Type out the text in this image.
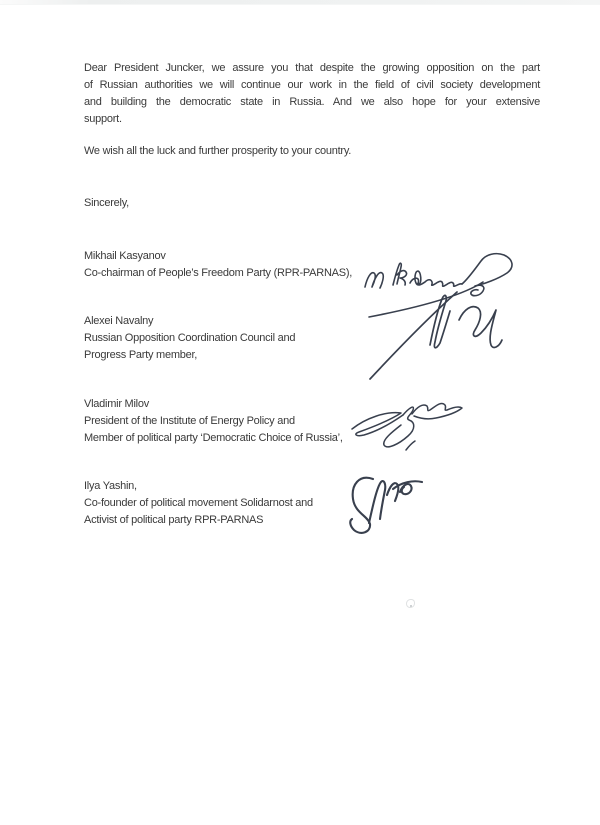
Dear President Juncker, we assure you that despite the growing opposition on the part
of Russian authorities we will continue our work in the field of civil society development
and building the democratic state in Russia. And we also hope for your extensive
support.
We wish all the luck and further prosperity to your country.
Sincerely,
Mikhail Kasyanov
Co-chairman of People’s Freedom Party (RPR-PARNAS),
Alexei Navalny
Russian Opposition Coordination Council and
Progress Party member,
Vladimir Milov
President of the Institute of Energy Policy and
Member of political party ‘Democratic Choice of Russia’,
Ilya Yashin,
Co-founder of political movement Solidarnost and
Activist of political party RPR-PARNAS
